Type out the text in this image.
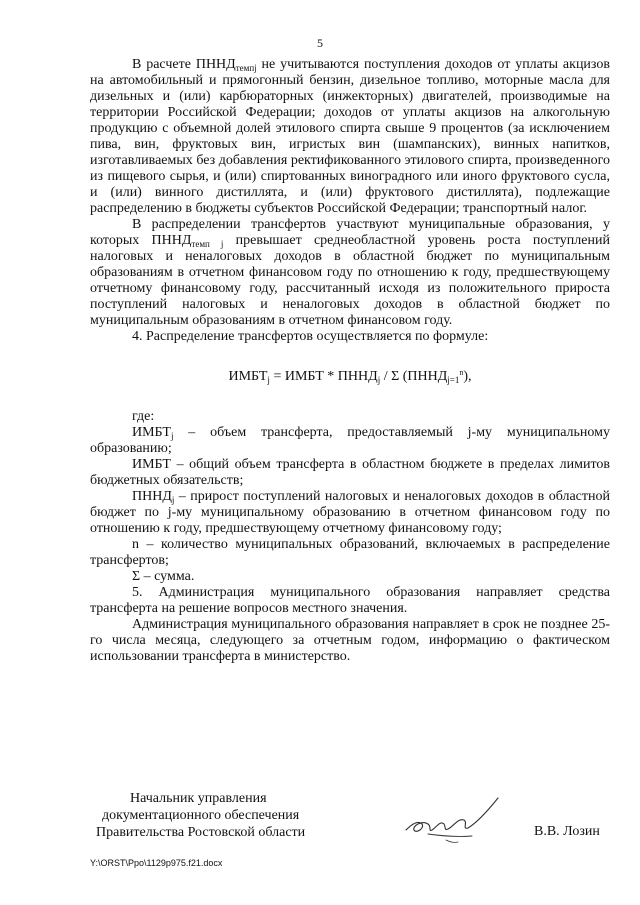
5

В расчете $ПННД_{темпj}$ не учитываются поступления доходов от уплаты акцизов на автомобильный и прямогонный бензин, дизельное топливо, моторные масла для дизельных и (или) карбюраторных (инжекторных) двигателей, производимые на территории Российской Федерации; доходов от уплаты акцизов на алкогольную продукцию с объемной долей этилового спирта свыше 9 процентов (за исключением пива, вин, фруктовых вин, игристых вин (шампанских), винных напитков, изготавливаемых без добавления ректификованного этилового спирта, произведенного из пищевого сырья, и (или) спиртованных виноградного или иного фруктового сусла, и (или) винного дистиллята, и (или) фруктового дистиллята), подлежащие распределению в бюджеты субъектов Российской Федерации; транспортный налог.

В распределении трансфертов участвуют муниципальные образования, у которых $ПННД_{темп j}$ превышает среднеобластной уровень роста поступлений налоговых и неналоговых доходов в областной бюджет по муниципальным образованиям в отчетном финансовом году по отношению к году, предшествующему отчетному финансовому году, рассчитанный исходя из положительного прироста поступлений налоговых и неналоговых доходов в областной бюджет по муниципальным образованиям в отчетном финансовом году.

4. Распределение трансфертов осуществляется по формуле:

$ИМБТ_j$ = ИМБТ * $ПННД_j$ / Σ $(ПННД_{j=1}^n)$,

где:

$ИМБТ_j$ – объем трансферта, предоставляемый j-му муниципальному образованию;

ИМБТ – общий объем трансферта в областном бюджете в пределах лимитов бюджетных обязательств;

$ПННД_j$ – прирост поступлений налоговых и неналоговых доходов в областной бюджет по j-му муниципальному образованию в отчетном финансовом году по отношению к году, предшествующему отчетному финансовому году;

n – количество муниципальных образований, включаемых в распределение трансфертов;

Σ – сумма.

5. Администрация муниципального образования направляет средства трансферта на решение вопросов местного значения.

Администрация муниципального образования направляет в срок не позднее 25-го числа месяца, следующего за отчетным годом, информацию о фактическом использовании трансферта в министерство.

Начальник управления
документационного обеспечения
Правительства Ростовской области	В.В. Лозин
Y:\ORST\Ppo\1129p975.f21.docx
